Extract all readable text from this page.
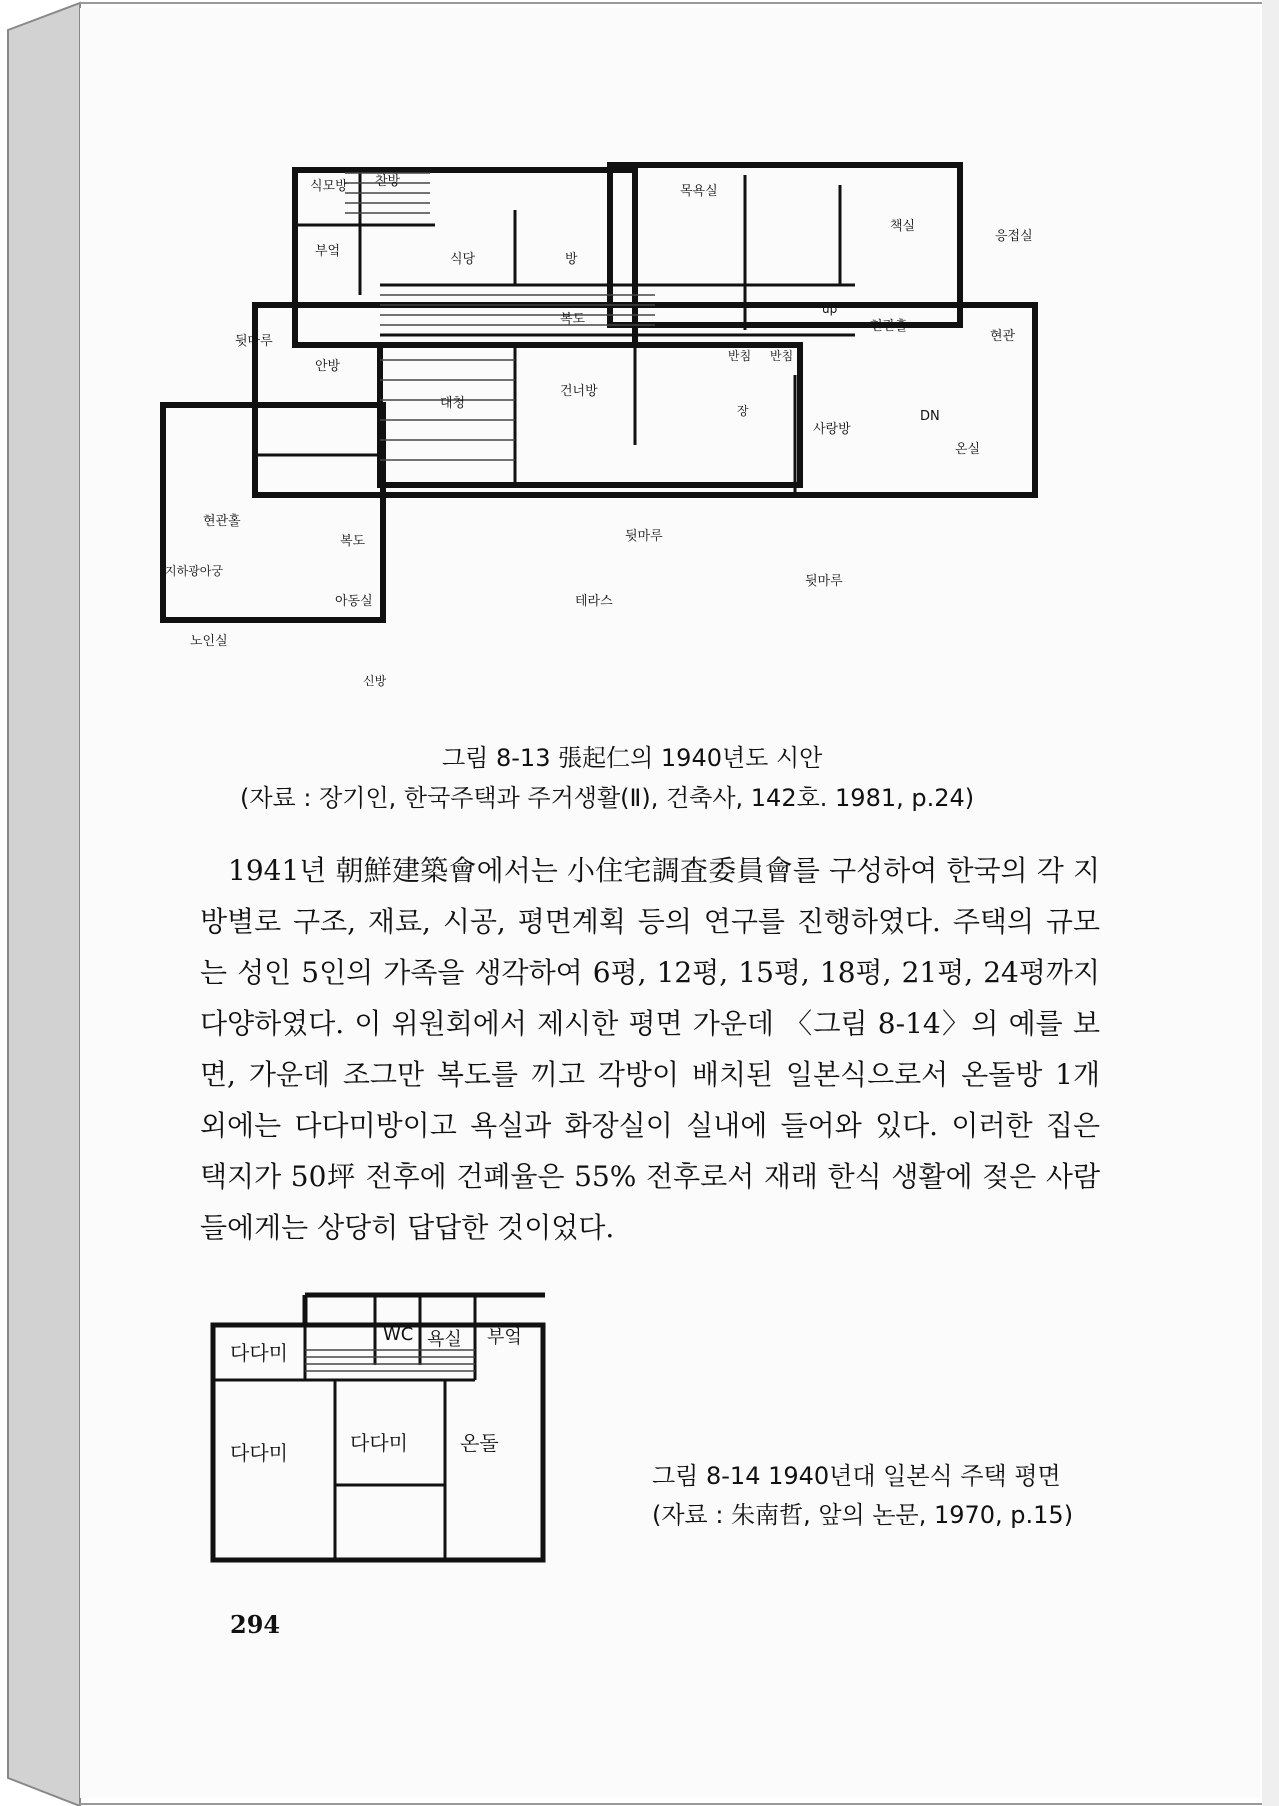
식모방 찬방
부엌
식당	방
목욕실
책실
응접실
복도
up
현관홀
현관
뒷마루
안방
반침 반침
대청
건너방
장
사랑방
DN
온실
현관홀
복도	뒷마루
지하광아궁
뒷마루
아동실	테라스
노인실
신방
그림 8-13 張起仁의 1940년도 시안
(자료 : 장기인, 한국주택과 주거생활(Ⅱ), 건축사, 142호. 1981, p.24)

1941년 朝鮮建築會에서는 小住宅調査委員會를 구성하여 한국의 각 지방별로 구조, 재료, 시공, 평면계획 등의 연구를 진행하였다. 주택의 규모는 성인 5인의 가족을 생각하여 6평, 12평, 15평, 18평, 21평, 24평까지 다양하였다. 이 위원회에서 제시한 평면 가운데 〈그림 8-14〉의 예를 보면, 가운데 조그만 복도를 끼고 각방이 배치된 일본식으로서 온돌방 1개 외에는 다다미방이고 욕실과 화장실이 실내에 들어와 있다. 이러한 집은 택지가 50坪 전후에 건폐율은 55% 전후로서 재래 한식 생활에 젖은 사람들에게는 상당히 답답한 것이었다.

다다미
WC 욕실 부엌
다다미	다다미	온돌
그림 8-14 1940년대 일본식 주택 평면
(자료 : 朱南哲, 앞의 논문, 1970, p.15)
294
